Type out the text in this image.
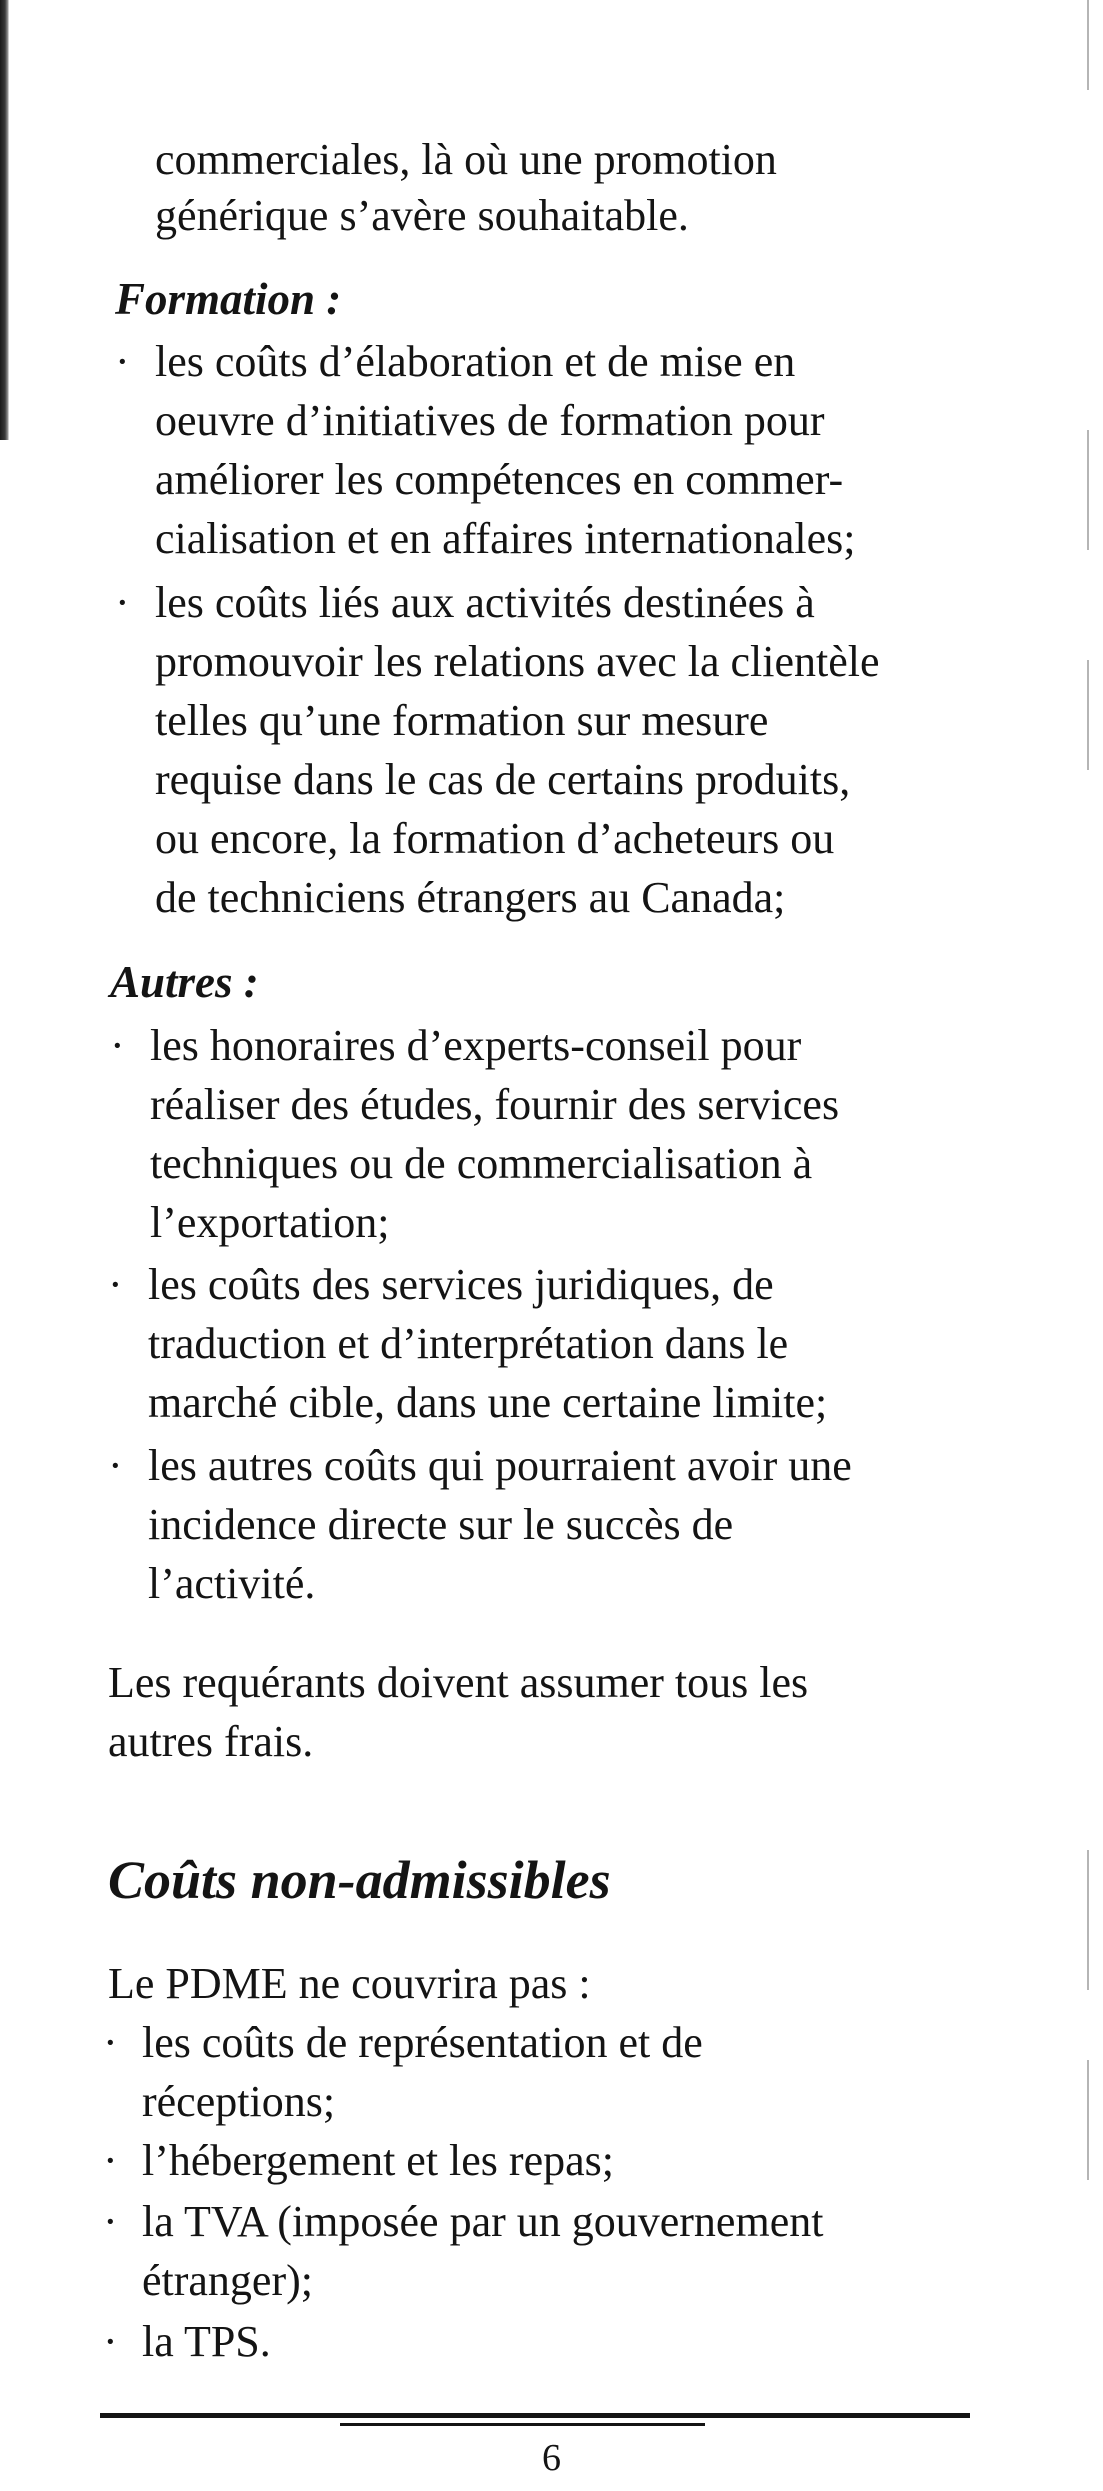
commerciales, là où une promotion
générique s’avère souhaitable.
Formation :
· les coûts d’élaboration et de mise en
oeuvre d’initiatives de formation pour
améliorer les compétences en commer-
cialisation et en affaires internationales;
· les coûts liés aux activités destinées à
promouvoir les relations avec la clientèle
telles qu’une formation sur mesure
requise dans le cas de certains produits,
ou encore, la formation d’acheteurs ou
de techniciens étrangers au Canada;
Autres :
· les honoraires d’experts-conseil pour
réaliser des études, fournir des services
techniques ou de commercialisation à
l’exportation;
· les coûts des services juridiques, de
traduction et d’interprétation dans le
marché cible, dans une certaine limite;
· les autres coûts qui pourraient avoir une
incidence directe sur le succès de
l’activité.
Les requérants doivent assumer tous les
autres frais.
Coûts non-admissibles
Le PDME ne couvrira pas :
· les coûts de représentation et de
réceptions;
· l’hébergement et les repas;
· la TVA (imposée par un gouvernement
étranger);
· la TPS.
6
